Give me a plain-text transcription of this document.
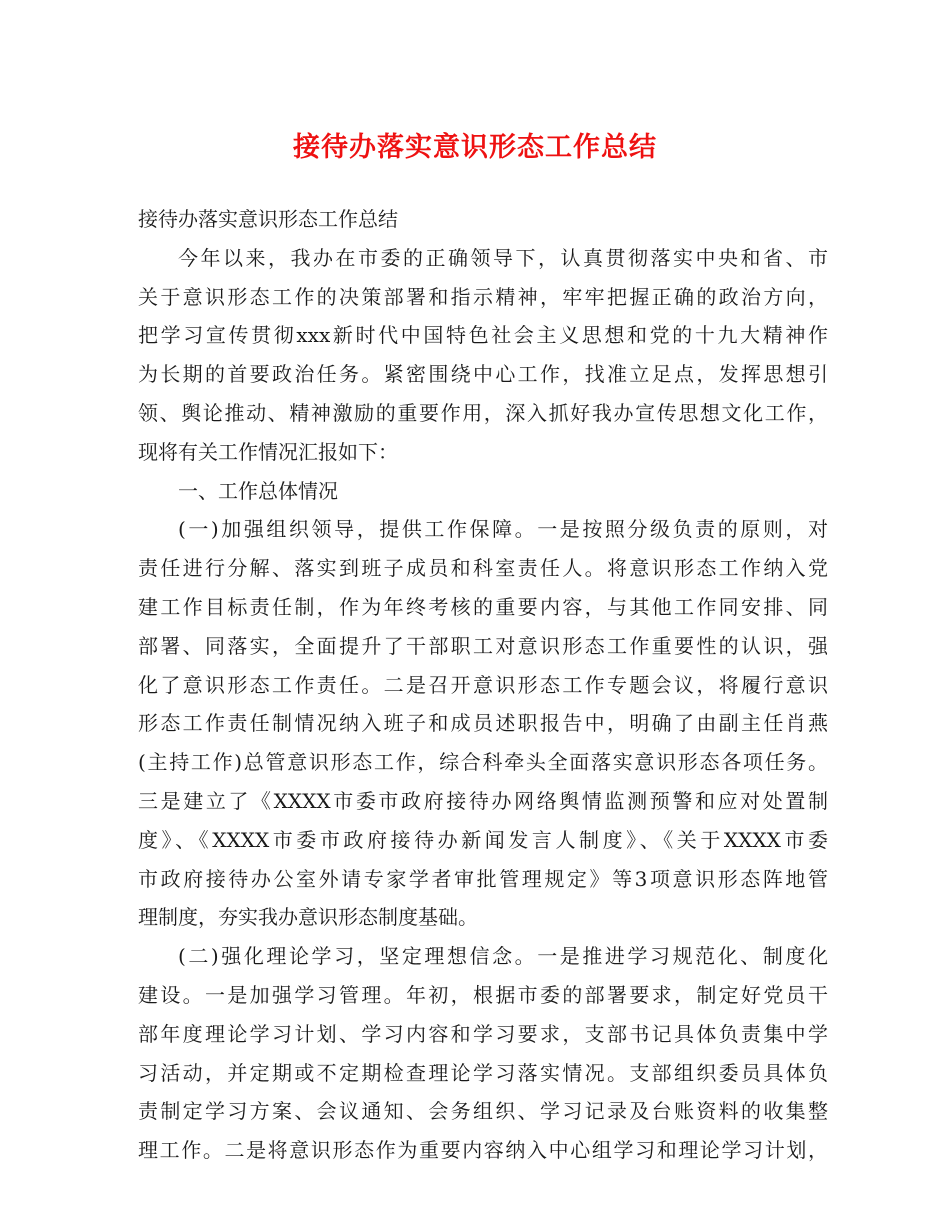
接待办落实意识形态工作总结
接待办落实意识形态工作总结
今年以来，我办在市委的正确领导下，认真贯彻落实中央和省、市
关于意识形态工作的决策部署和指示精神，牢牢把握正确的政治方向，
把学习宣传贯彻xxx新时代中国特色社会主义思想和党的十九大精神作
为长期的首要政治任务。紧密围绕中心工作，找准立足点，发挥思想引
领、舆论推动、精神激励的重要作用，深入抓好我办宣传思想文化工作，
现将有关工作情况汇报如下：
一、工作总体情况
(一)加强组织领导，提供工作保障。一是按照分级负责的原则，对
责任进行分解、落实到班子成员和科室责任人。将意识形态工作纳入党
建工作目标责任制，作为年终考核的重要内容，与其他工作同安排、同
部署、同落实，全面提升了干部职工对意识形态工作重要性的认识，强
化了意识形态工作责任。二是召开意识形态工作专题会议，将履行意识
形态工作责任制情况纳入班子和成员述职报告中，明确了由副主任肖燕
(主持工作)总管意识形态工作，综合科牵头全面落实意识形态各项任务。
三是建立了《XXXX市委市政府接待办网络舆情监测预警和应对处置制
度》、《XXXX市委市政府接待办新闻发言人制度》、《关于XXXX市委
市政府接待办公室外请专家学者审批管理规定》等3项意识形态阵地管
理制度，夯实我办意识形态制度基础。
(二)强化理论学习，坚定理想信念。一是推进学习规范化、制度化
建设。一是加强学习管理。年初，根据市委的部署要求，制定好党员干
部年度理论学习计划、学习内容和学习要求，支部书记具体负责集中学
习活动，并定期或不定期检查理论学习落实情况。支部组织委员具体负
责制定学习方案、会议通知、会务组织、学习记录及台账资料的收集整
理工作。二是将意识形态作为重要内容纳入中心组学习和理论学习计划，
